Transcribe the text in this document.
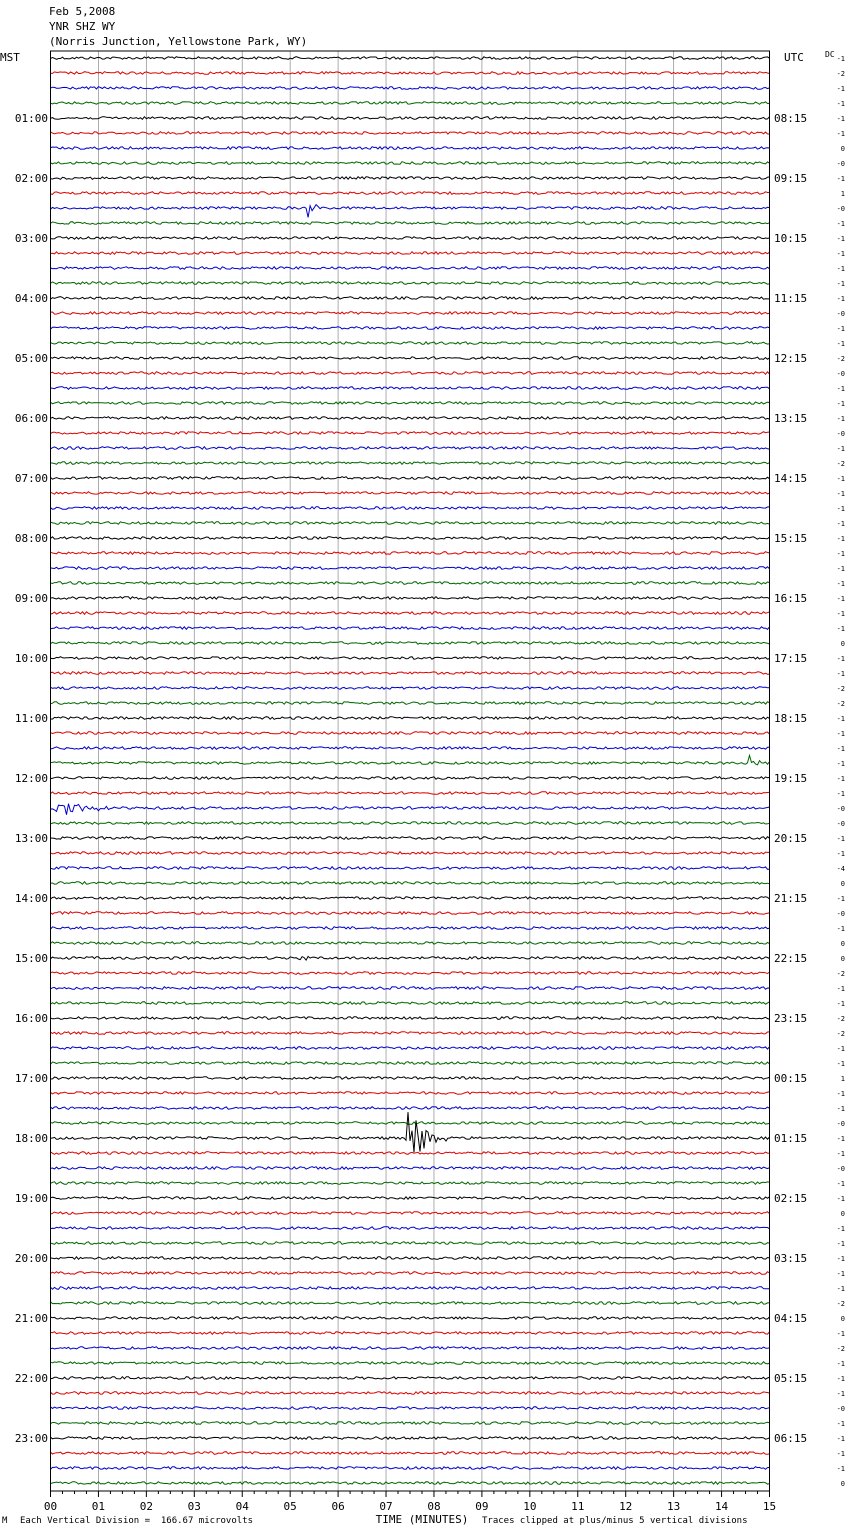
Feb 5,2008
YNR SHZ WY
(Norris Junction, Yellowstone Park, WY)
01:00
02:00
03:00
04:00
05:00
06:00
07:00
08:00
09:00
10:00
11:00
12:00
13:00
14:00
15:00
16:00
17:00
18:00
19:00
20:00
21:00
22:00
23:00
08:15
09:15
10:15
11:15
12:15
13:15
14:15
15:15
16:15
17:15
18:15
19:15
20:15
21:15
22:15
23:15
00:15
01:15
02:15
03:15
04:15
05:15
06:15
-1
-2
-1
-1
-1
-1
0
-0
-1
1
-0
-1
-1
-1
-1
-1
-1
-0
-1
-1
-2
-0
-1
-1
-1
-0
-1
-2
-1
-1
-1
-1
-1
-1
-1
-1
-1
-1
-1
0
-1
-1
-2
-2
-1
-1
-1
-1
-1
-1
-0
-0
-1
-1
-4
0
-1
-0
-1
0
0
-2
-1
-1
-2
-2
-1
-1
1
-1
-1
-0
-1
-1
-0
-1
-1
0
-1
-1
-1
-1
-1
-2
0
-1
-2
-1
-1
-1
-0
-1
-1
-1
-1
0
00	01	02	03	04	05	06	07	08	09	10	11	12	13	14	15
MST	UTC	DC
TIME (MINUTES)
M Each Vertical Division =  166.67 microvolts	Traces clipped at plus/minus 5 vertical divisions
